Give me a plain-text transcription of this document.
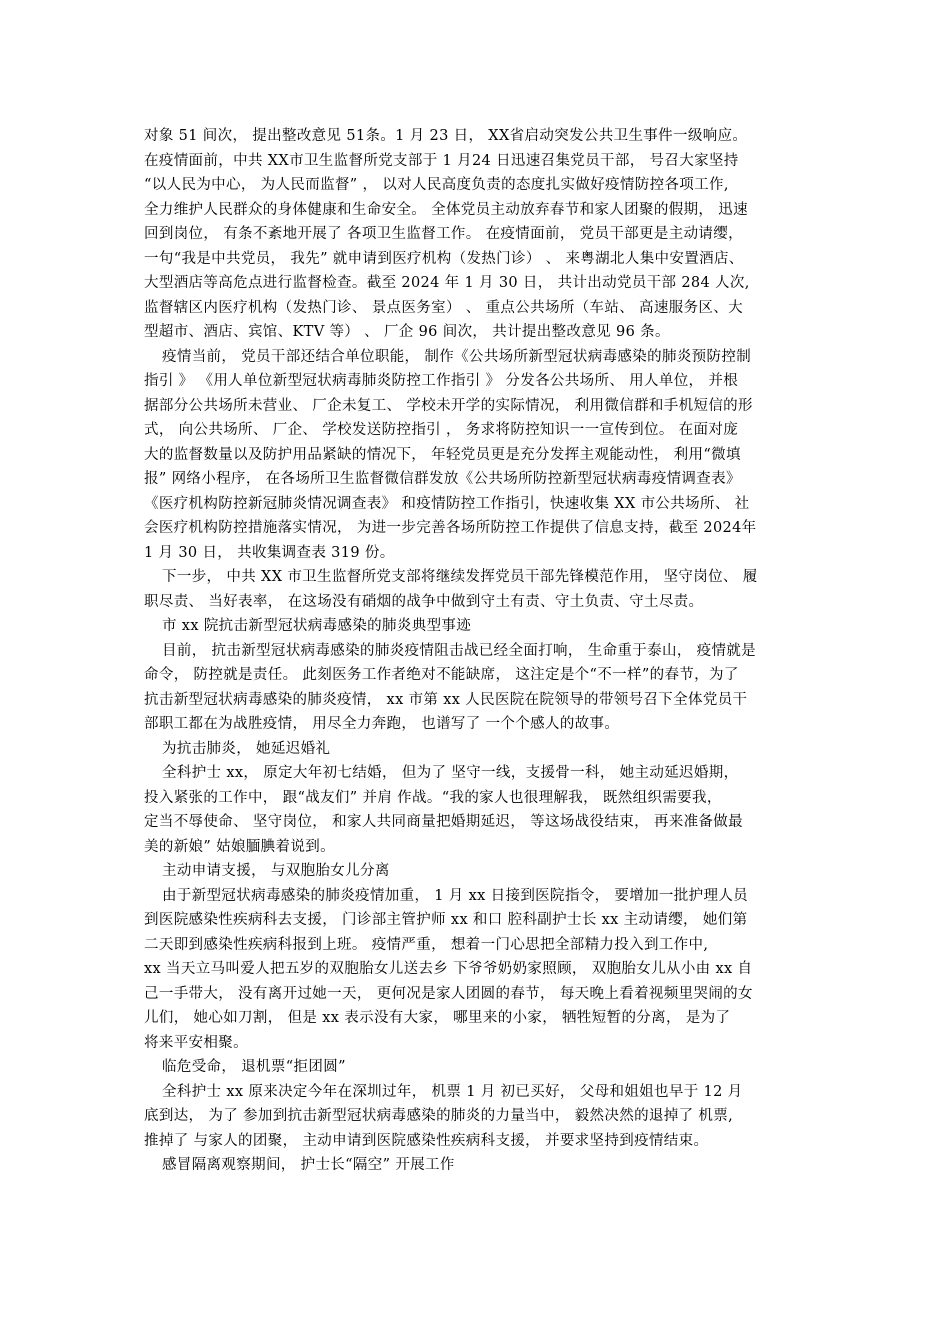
对象 51 间次， 提出整改意见 51条。1 月 23 日， XX省启动突发公共卫生事件一级响应。
在疫情面前，中共 XX市卫生监督所党支部于 1 月24 日迅速召集党员干部， 号召大家坚持
“以人民为中心， 为人民而监督” ， 以对人民高度负责的态度扎实做好疫情防控各项工作,
全力维护人民群众的身体健康和生命安全。 全体党员主动放弃春节和家人团聚的假期， 迅速
回到岗位， 有条不紊地开展了 各项卫生监督工作。 在疫情面前， 党员干部更是主动请缨，
一句“我是中共党员， 我先” 就申请到医疗机构（发热门诊） 、 来粤湖北人集中安置酒店、
大型酒店等高危点进行监督检查。截至 2024 年 1 月 30 日， 共计出动党员干部 284 人次,
监督辖区内医疗机构（发热门诊、 景点医务室） 、 重点公共场所（车站、 高速服务区、大
型超市、酒店、宾馆、KTV 等） 、 厂企 96 间次， 共计提出整改意见 96 条。
疫情当前， 党员干部还结合单位职能， 制作《公共场所新型冠状病毒感染的肺炎预防控制
指引 》 《用人单位新型冠状病毒肺炎防控工作指引 》 分发各公共场所、 用人单位， 并根
据部分公共场所未营业、 厂企未复工、 学校未开学的实际情况， 利用微信群和手机短信的形
式， 向公共场所、 厂企、 学校发送防控指引 ， 务求将防控知识一一宣传到位。 在面对庞
大的监督数量以及防护用品紧缺的情况下， 年轻党员更是充分发挥主观能动性， 利用“微填
报” 网络小程序， 在各场所卫生监督微信群发放《公共场所防控新型冠状病毒疫情调查表》
《医疗机构防控新冠肺炎情况调查表》 和疫情防控工作指引，快速收集 XX 市公共场所、 社
会医疗机构防控措施落实情况， 为进一步完善各场所防控工作提供了信息支持，截至 2024年
1 月 30 日， 共收集调查表 319 份。
下一步， 中共 XX 市卫生监督所党支部将继续发挥党员干部先锋模范作用， 坚守岗位、 履
职尽责、 当好表率， 在这场没有硝烟的战争中做到守土有责、守土负责、守土尽责。
市 xx 院抗击新型冠状病毒感染的肺炎典型事迹
目前， 抗击新型冠状病毒感染的肺炎疫情阻击战已经全面打响， 生命重于泰山， 疫情就是
命令， 防控就是责任。 此刻医务工作者绝对不能缺席， 这注定是个“不一样”的春节，为了
抗击新型冠状病毒感染的肺炎疫情， xx 市第 xx 人民医院在院领导的带领号召下全体党员干
部职工都在为战胜疫情， 用尽全力奔跑， 也谱写了 一个个感人的故事。
为抗击肺炎， 她延迟婚礼
全科护士 xx， 原定大年初七结婚， 但为了 坚守一线，支援骨一科， 她主动延迟婚期，
投入紧张的工作中， 跟“战友们” 并肩 作战。“我的家人也很理解我， 既然组织需要我，
定当不辱使命、 坚守岗位， 和家人共同商量把婚期延迟， 等这场战役结束， 再来准备做最
美的新娘” 姑娘腼腆着说到。
主动申请支援， 与双胞胎女儿分离
由于新型冠状病毒感染的肺炎疫情加重， 1 月 xx 日接到医院指令， 要增加一批护理人员
到医院感染性疾病科去支援， 门诊部主管护师 xx 和口 腔科副护士长 xx 主动请缨， 她们第
二天即到感染性疾病科报到上班。 疫情严重， 想着一门心思把全部精力投入到工作中,
xx 当天立马叫爱人把五岁的双胞胎女儿送去乡 下爷爷奶奶家照顾， 双胞胎女儿从小由 xx 自
己一手带大， 没有离开过她一天， 更何况是家人团圆的春节， 每天晚上看着视频里哭闹的女
儿们， 她心如刀割， 但是 xx 表示没有大家， 哪里来的小家， 牺牲短暂的分离， 是为了
将来平安相聚。
临危受命， 退机票“拒团圆”
全科护士 xx 原来决定今年在深圳过年， 机票 1 月 初已买好， 父母和姐姐也早于 12 月
底到达， 为了 参加到抗击新型冠状病毒感染的肺炎的力量当中， 毅然决然的退掉了 机票,
推掉了 与家人的团聚， 主动申请到医院感染性疾病科支援， 并要求坚持到疫情结束。
感冒隔离观察期间， 护士长“隔空” 开展工作
